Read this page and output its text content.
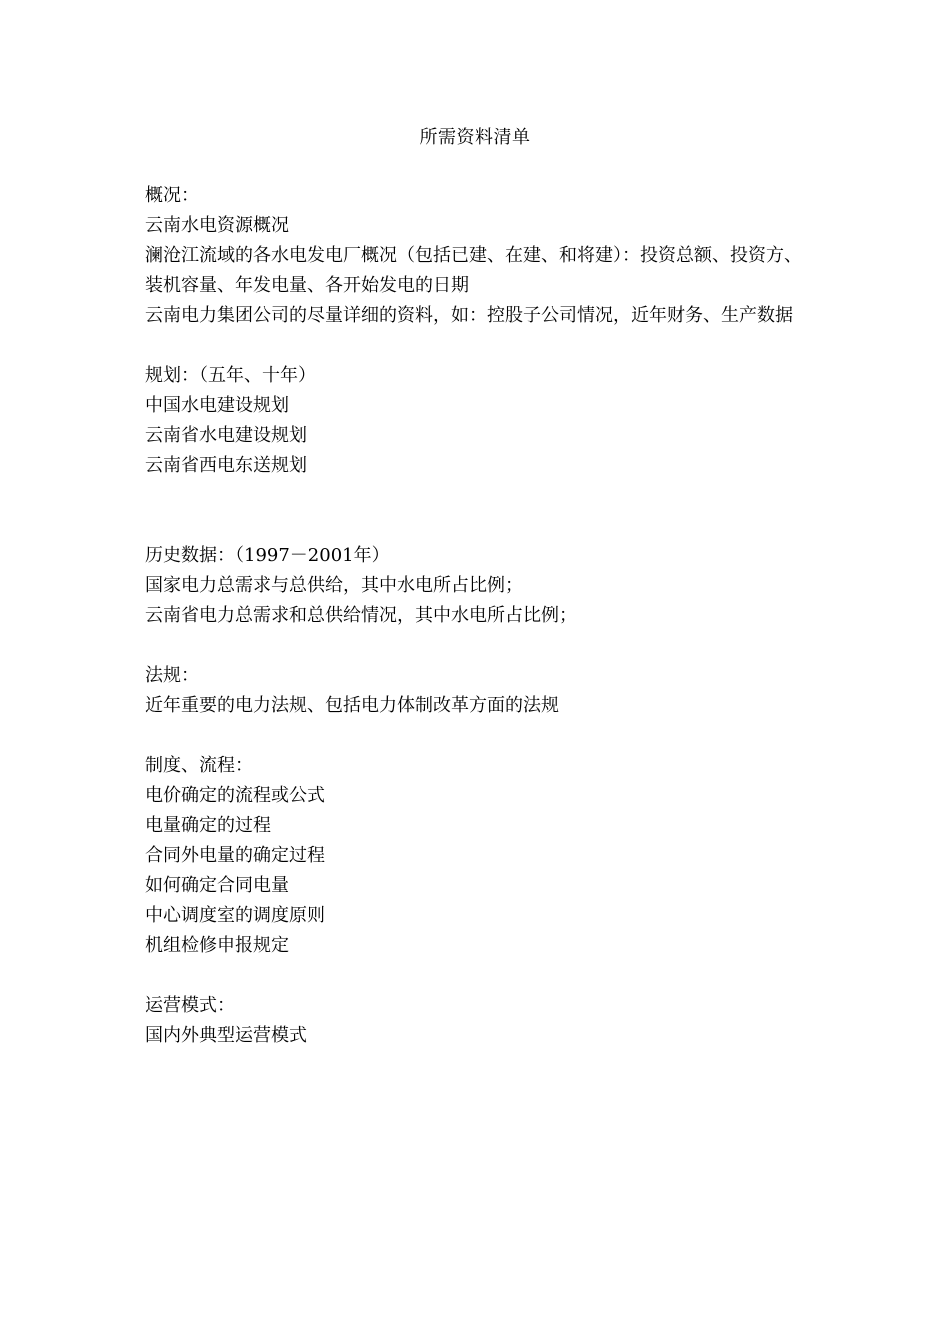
所需资料清单
概况：
云南水电资源概况
澜沧江流域的各水电发电厂概况（包括已建、在建、和将建）：投资总额、投资方、装机容量、年发电量、各开始发电的日期
云南电力集团公司的尽量详细的资料，如：控股子公司情况，近年财务、生产数据
规划：（五年、十年）
中国水电建设规划
云南省水电建设规划
云南省西电东送规划
历史数据：（1997－2001年）
国家电力总需求与总供给，其中水电所占比例；
云南省电力总需求和总供给情况，其中水电所占比例；
法规：
近年重要的电力法规、包括电力体制改革方面的法规
制度、流程：
电价确定的流程或公式
电量确定的过程
合同外电量的确定过程
如何确定合同电量
中心调度室的调度原则
机组检修申报规定
运营模式：
国内外典型运营模式
